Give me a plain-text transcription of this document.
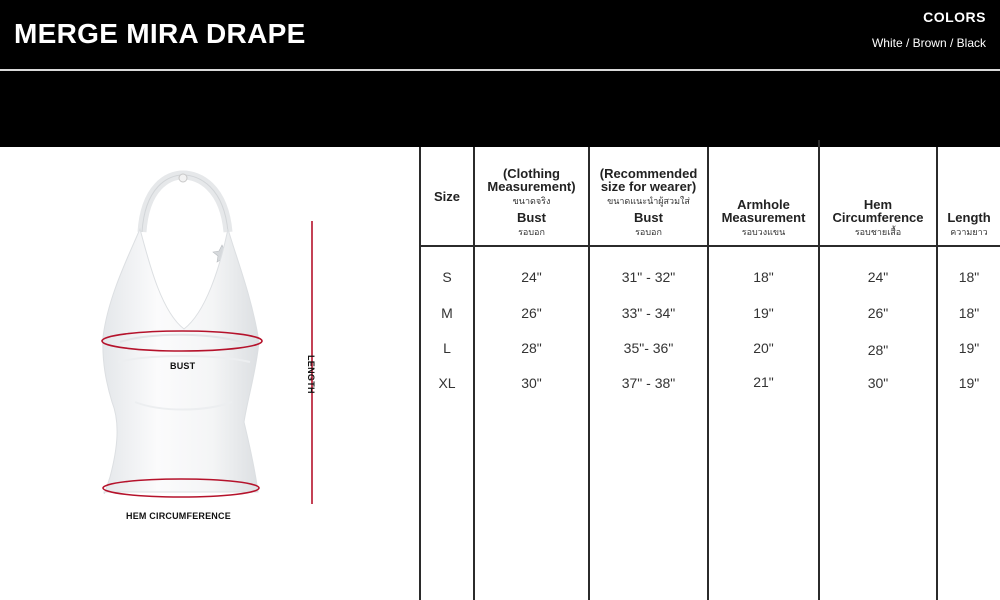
MERGE MIRA DRAPE
COLORS
White / Brown / Black
BUST
HEM CIRCUMFERENCE
LENGTH
Size
(Clothing
Measurement)
ขนาดจริง
Bust
รอบอก
(Recommended
size for wearer)
ขนาดแนะนำผู้สวมใส่
Bust
รอบอก
Armhole
Measurement
รอบวงแขน
Hem
Circumference
รอบชายเสื้อ
Length
ความยาว
S	24"	31" - 32"	18"	24"	18"
M	26"	33" - 34"	19"	26"	18"
L	28"	35"- 36"	20"	28"	19"
XL	30"	37" - 38"	21"	30"	19"
